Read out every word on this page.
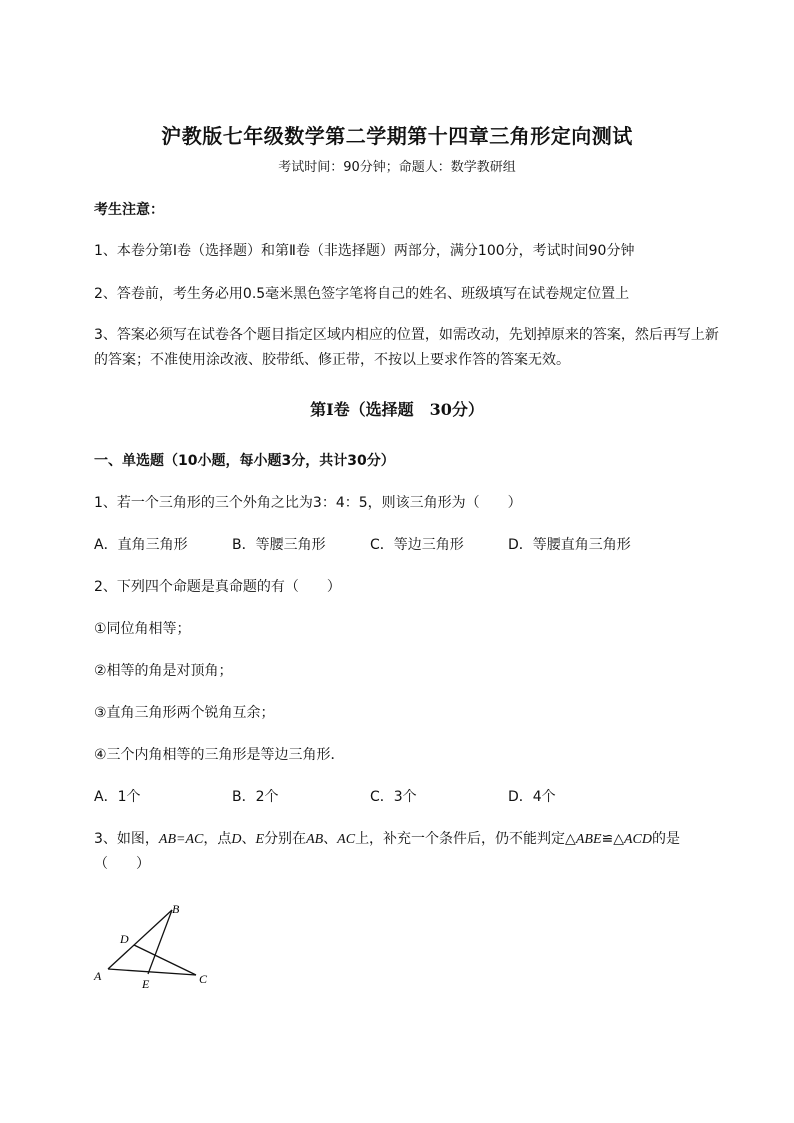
沪教版七年级数学第二学期第十四章三角形定向测试
考试时间：90分钟；命题人：数学教研组
考生注意：
1、本卷分第Ⅰ卷（选择题）和第Ⅱ卷（非选择题）两部分，满分100分，考试时间90分钟
2、答卷前，考生务必用0.5毫米黑色签字笔将自己的姓名、班级填写在试卷规定位置上
3、答案必须写在试卷各个题目指定区域内相应的位置，如需改动，先划掉原来的答案，然后再写上新
的答案；不准使用涂改液、胶带纸、修正带，不按以上要求作答的答案无效。
第Ⅰ卷（选择题　30分）
一、单选题（10小题，每小题3分，共计30分）
1、若一个三角形的三个外角之比为3：4：5，则该三角形为（　　）
A．直角三角形	B．等腰三角形	C．等边三角形	D．等腰直角三角形
2、下列四个命题是真命题的有（　　）
①同位角相等；
②相等的角是对顶角；
③直角三角形两个锐角互余；
④三个内角相等的三角形是等边三角形．
A．1个	B．2个	C．3个	D．4个
3、如图，AB=AC，点D、E分别在AB、AC上，补充一个条件后，仍不能判定△ABE≌△ACD的是
（　　）
A
B
C
D
E
